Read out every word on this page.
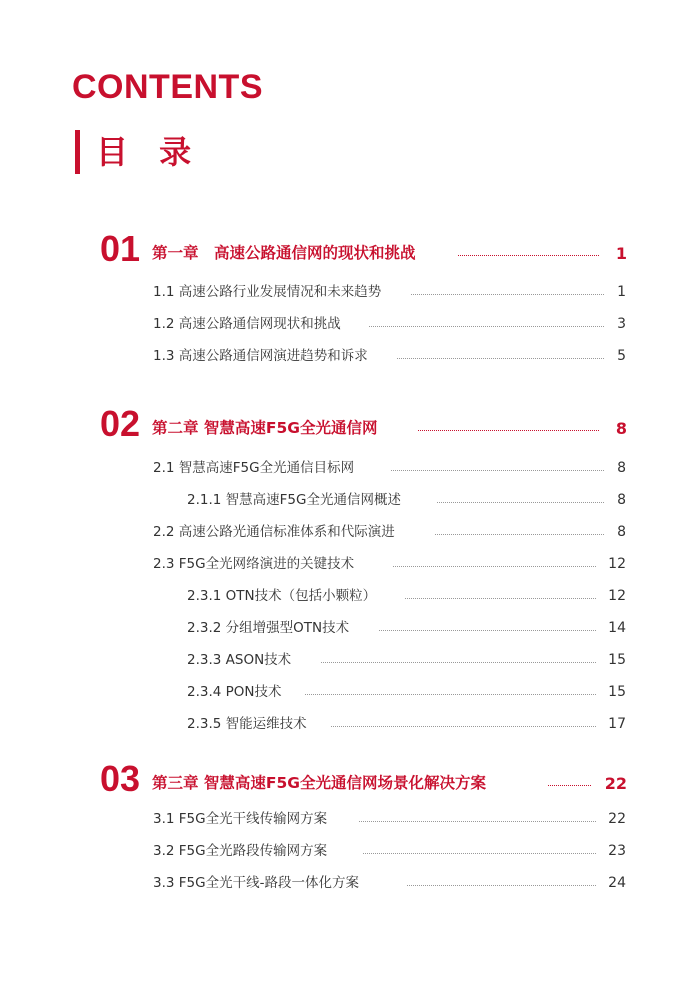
CONTENTS
目 录
01 第一章　高速公路通信网的现状和挑战	1
1.1 高速公路行业发展情况和未来趋势	1
1.2 高速公路通信网现状和挑战	3
1.3 高速公路通信网演进趋势和诉求	5
02 第二章 智慧高速F5G全光通信网	8
2.1 智慧高速F5G全光通信目标网	8
2.1.1 智慧高速F5G全光通信网概述	8
2.2 高速公路光通信标准体系和代际演进	8
2.3 F5G全光网络演进的关键技术	12
2.3.1 OTN技术（包括小颗粒）	12
2.3.2 分组增强型OTN技术	14
2.3.3 ASON技术	15
2.3.4 PON技术	15
2.3.5 智能运维技术	17
03 第三章 智慧高速F5G全光通信网场景化解决方案	22
3.1 F5G全光干线传输网方案	22
3.2 F5G全光路段传输网方案	23
3.3 F5G全光干线-路段一体化方案	24
